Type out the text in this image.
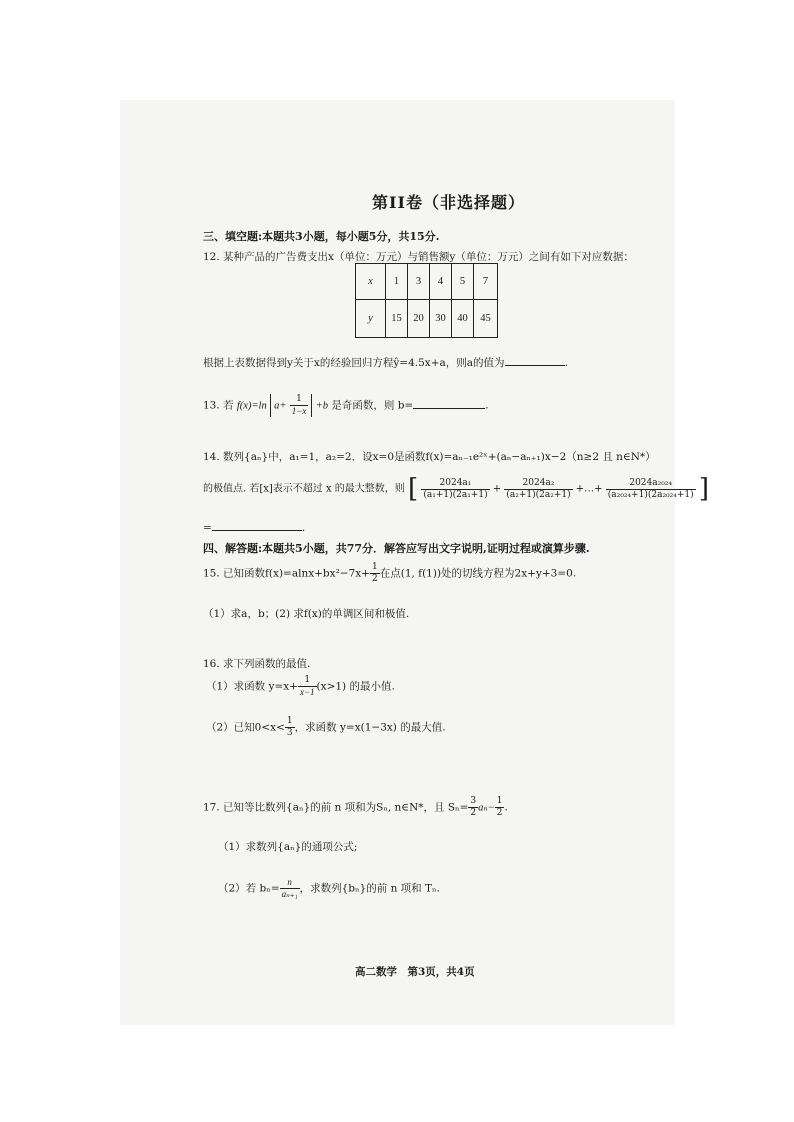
第II卷（非选择题）
三、填空题:本题共3小题，每小题5分，共15分.
12. 某种产品的广告费支出x（单位：万元）与销售额y（单位：万元）之间有如下对应数据：
x	1	3	4	5	7
y	15	20	30	40	45
根据上表数据得到y关于x的经验回归方程ŷ=4.5x+a，则a的值为	.
13. 若 f(x)=ln $a+ \frac{1}{1-x} +b$ 是奇函数，则 b=	.
14. 数列{aₙ}中，a₁=1，a₂=2．设x=0是函数f(x)=aₙ₋₁e²ˣ+(aₙ−aₙ₊₁)x−2（n≥2 且 n∈N*）
的极值点. 若[x]表示不超过 x 的最大整数，则 [ $\frac{\text{2024a₁}}{\text{(a₁+1)(2a₁+1)}} + \frac{\text{2024a₂}}{\text{(a₂+1)(2a₂+1)}}$ +…+ $\frac{\text{2024a₂₀₂₄}}{\text{(a₂₀₂₄+1)(2a₂₀₂₄+1)}}$ ]
=	.
四、解答题:本题共5小题，共77分．解答应写出文字说明,证明过程或演算步骤.
15. 已知函数$f(x)=alnx+bx^2-7x+ \frac{1}{2}$ 在点(1, f(1))处的切线方程为2x+y+3=0.
（1）求a，b；(2) 求f(x)的单调区间和极值.
16. 求下列函数的最值.
（1）求函数 $y=x+ \frac{1}{x-1} (x>1)$ 的最小值.
（2）已知$0<x< \frac{1}{3}$ ，求函数 y=x(1−3x) 的最大值.
17. 已知等比数列{aₙ}的前 n 项和为Sₙ, n∈N*，且 $S_n= \frac{3}{2} a_n- \frac{1}{2}$ .
（1）求数列{aₙ}的通项公式;
（2）若 $b_n= \frac{n}{\text{aₙ₊₁}}$ ，求数列{bₙ}的前 n 项和 Tₙ.
高二数学　第3页，共4页
